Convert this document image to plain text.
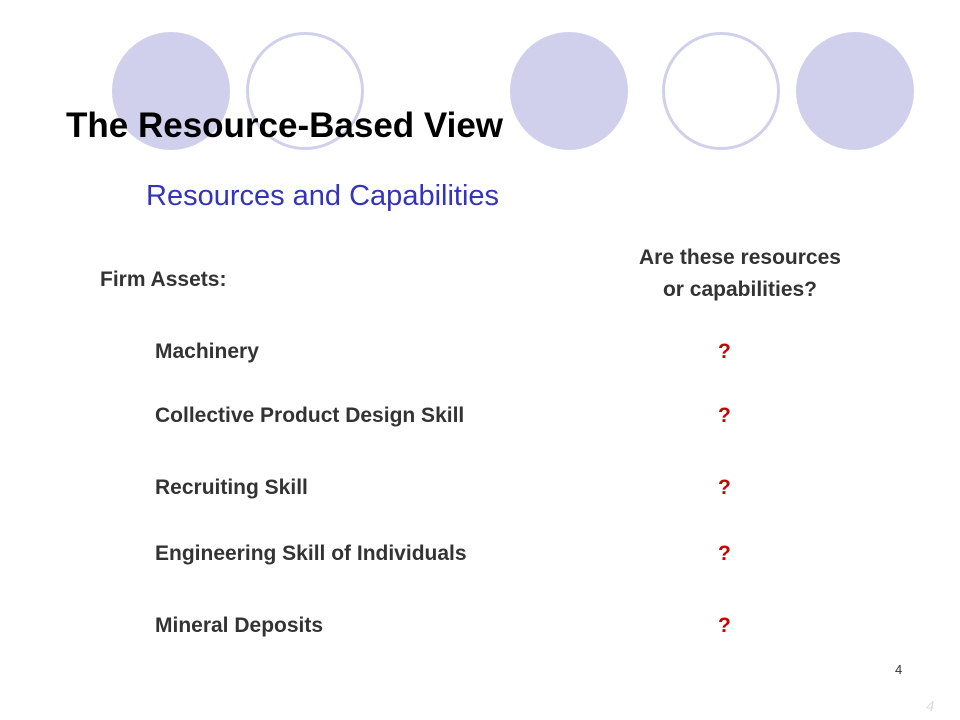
The Resource-Based View
Resources and Capabilities
Firm Assets:
Are these resources
or capabilities?
Machinery	?
Collective Product Design Skill	?
Recruiting Skill	?
Engineering Skill of Individuals	?
Mineral Deposits	?
4
4
